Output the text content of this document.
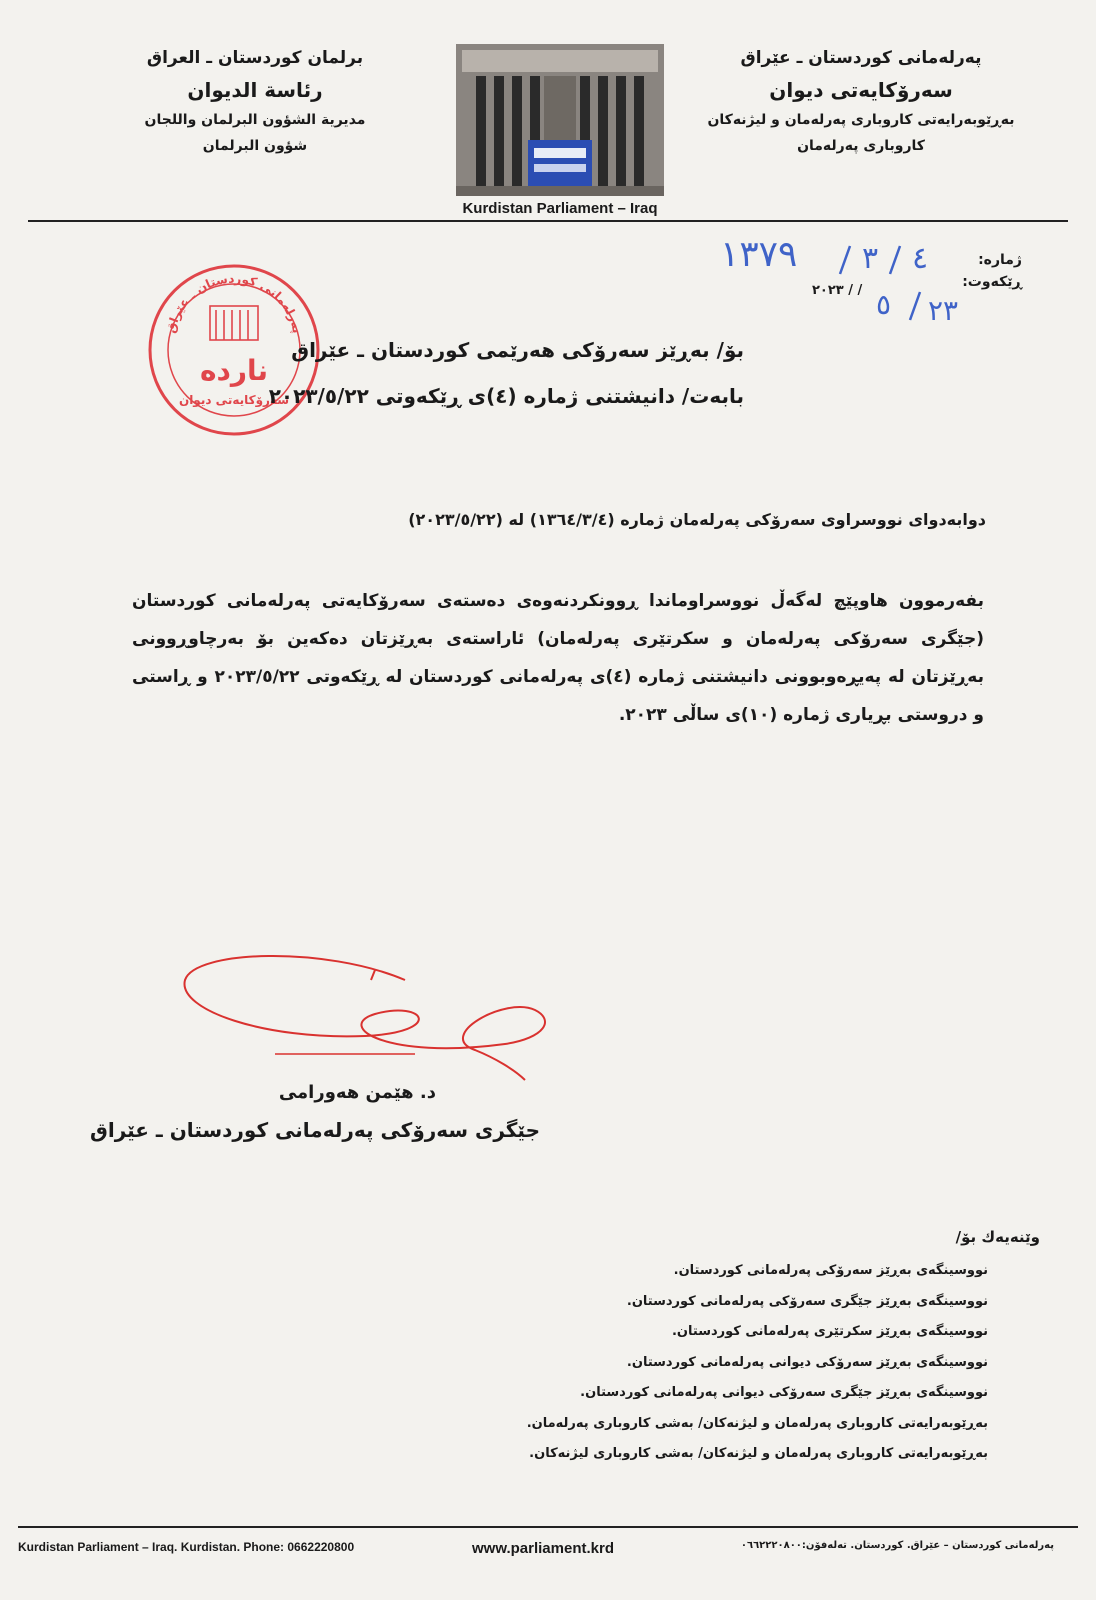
پەرلەمانی کوردستان ـ عێراق
سەرۆکایەتی دیوان
بەڕێوبەرایەتی کاروباری پەرلەمان و لیژنەکان
کاروباری پەرلەمان
Kurdistan Parliament – Iraq
برلمان كوردستان ـ العراق
رئاسة الديوان
مديرية الشؤون البرلمان واللجان
شؤون البرلمان
ژمارە:
ڕێکەوت:
١٣٧٩ ٣ ٤
٢٠٢٣ / / ٥ ٢٣
پەرلەمانی کوردستان ـ عێراق
ناردە
سەرۆکایەتی دیوان
بۆ/ بەڕێز سەرۆکی هەرێمی کوردستان ـ عێراق
بابەت/ دانیشتنی ژمارە (٤)ی ڕێکەوتی ٢٠٢٣/٥/٢٢
دوابەدوای نووسراوی سەرۆکی پەرلەمان ژمارە (١٣٦٤/٣/٤) لە (٢٠٢٣/٥/٢٢)
بفەرموون هاوپێچ لەگەڵ نووسراوماندا ڕوونکردنەوەی دەستەی سەرۆکایەتی پەرلەمانی کوردستان (جێگری سەرۆکی پەرلەمان و سکرتێری پەرلەمان) ئاراستەی بەڕێزتان دەکەین بۆ بەرچاوڕوونی بەڕێزتان لە پەیڕەوبوونی دانیشتنی ژمارە (٤)ی پەرلەمانی کوردستان لە ڕێکەوتی ٢٠٢٣/٥/٢٢ و ڕاستی و دروستی بڕیاری ژمارە (١٠)ی ساڵی ٢٠٢٣.
د. هێمن هەورامی
جێگری سەرۆکی پەرلەمانی کوردستان ـ عێراق
وێنەیەك بۆ/
نووسینگەی بەڕێز سەرۆکی پەرلەمانی کوردستان.
نووسینگەی بەڕێز جێگری سەرۆکی پەرلەمانی کوردستان.
نووسینگەی بەڕێز سکرتێری پەرلەمانی کوردستان.
نووسینگەی بەڕێز سەرۆکی دیوانی پەرلەمانی کوردستان.
نووسینگەی بەڕێز جێگری سەرۆکی دیوانی پەرلەمانی کوردستان.
بەڕێوبەرایەتی کاروباری پەرلەمان و لیژنەکان/ بەشی کاروباری پەرلەمان.
بەڕێوبەرایەتی کاروباری پەرلەمان و لیژنەکان/ بەشی کاروباری لیژنەکان.
Kurdistan Parliament – Iraq. Kurdistan. Phone: 0662220800	www.parliament.krd	پەرلەمانی کوردستان – عێراق. کوردستان. تەلەفۆن:٠٦٦٢٢٢٠٨٠٠
